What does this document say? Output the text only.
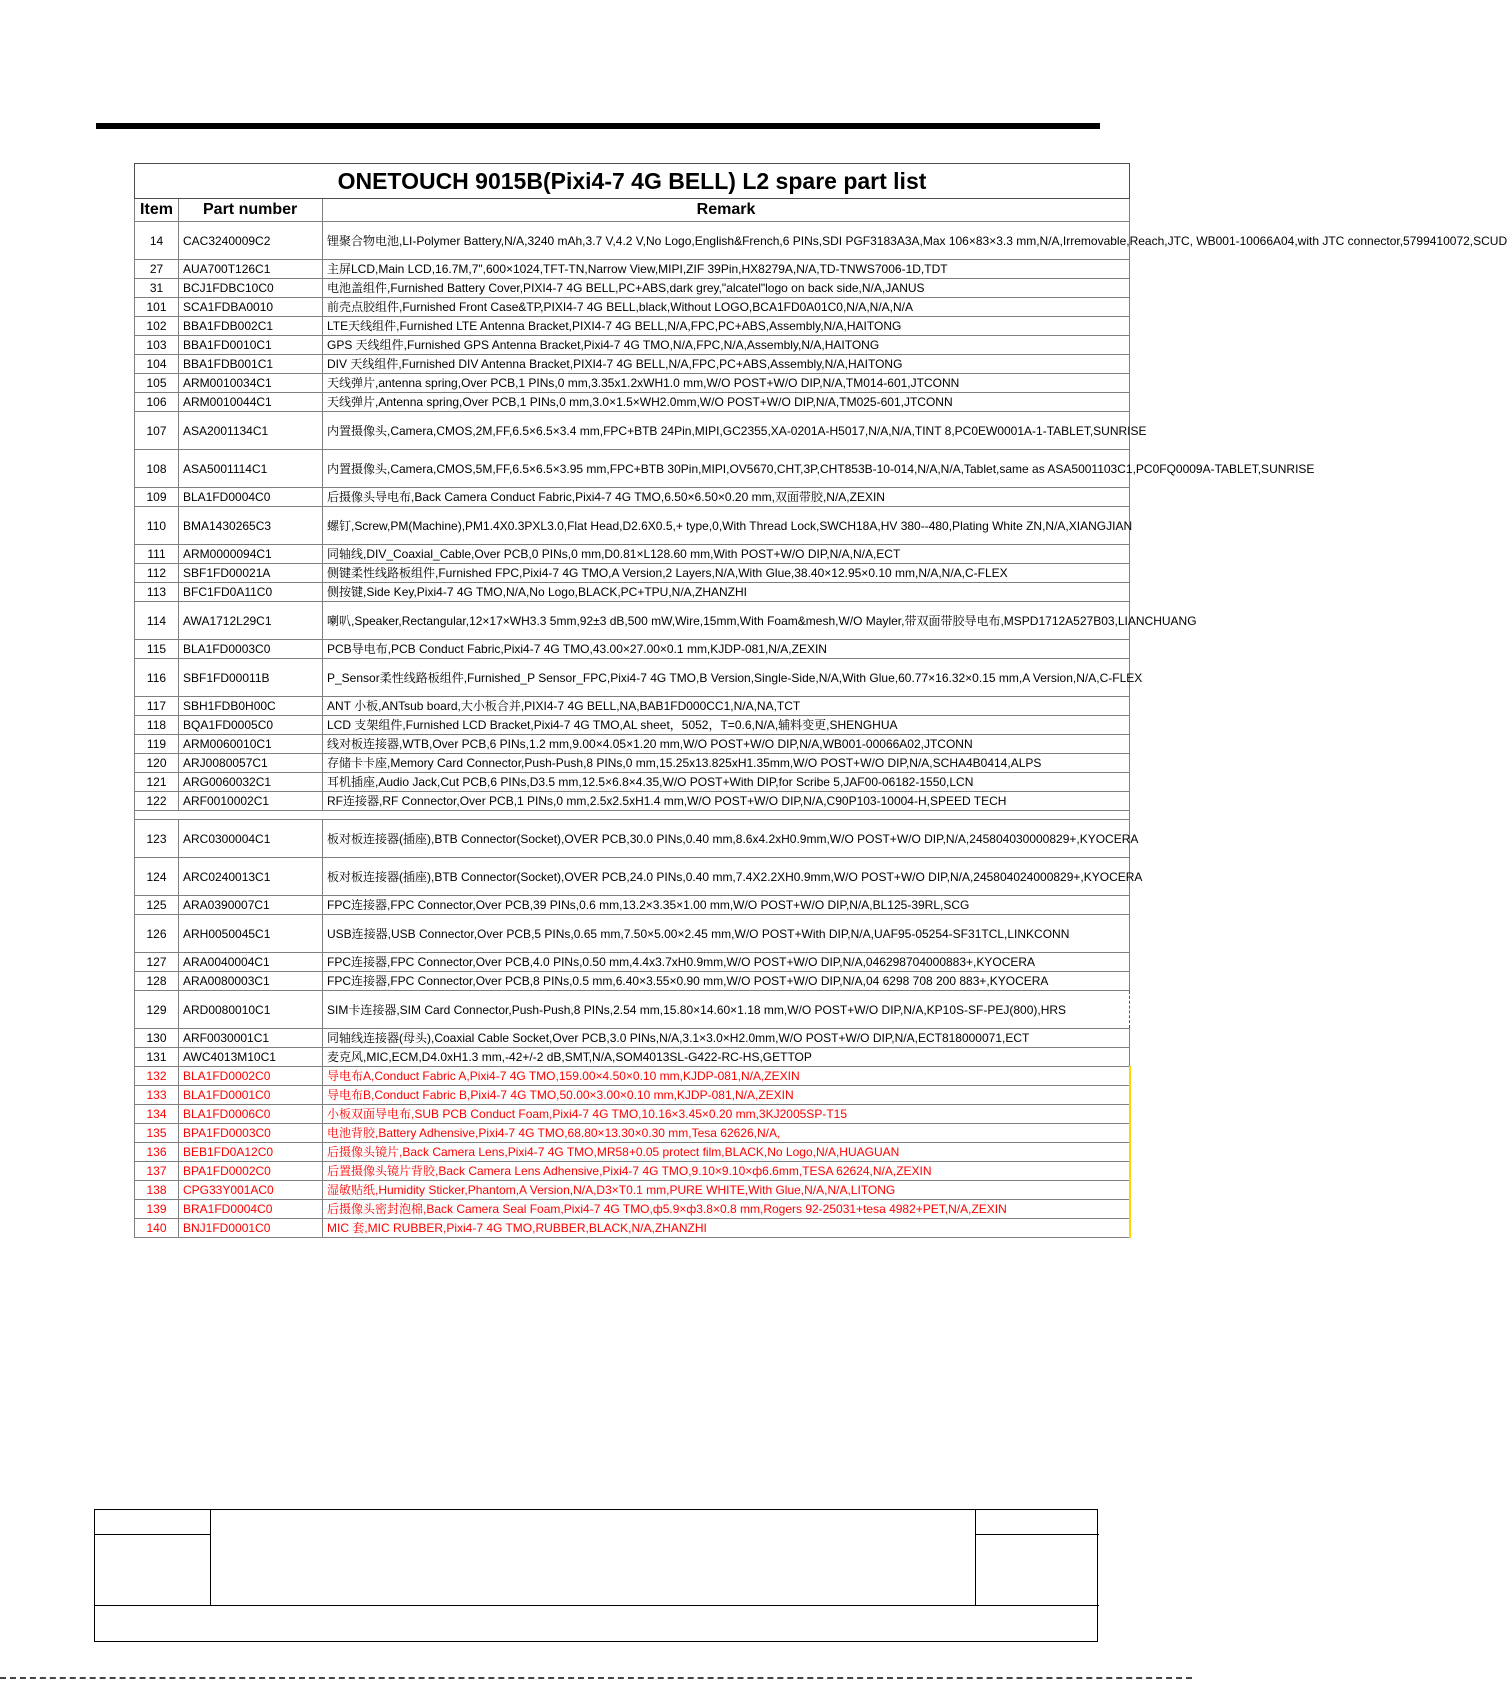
ONETOUCH 9015B(Pixi4-7 4G BELL) L2 spare part list		
Item	Part number	Remark
14	CAC3240009C2	锂聚合物电池,LI-Polymer Battery,N/A,3240 mAh,3.7 V,4.2 V,No Logo,English&French,6 PINs,SDI PGF3183A3A,Max 106×83×3.3 mm,N/A,Irremovable,Reach,JTC, WB001-10066A04,with JTC connector,5799410072,SCUD
27	AUA700T126C1	主屏LCD,Main LCD,16.7M,7",600×1024,TFT-TN,Narrow View,MIPI,ZIF 39Pin,HX8279A,N/A,TD-TNWS7006-1D,TDT
31	BCJ1FDBC10C0	电池盖组件,Furnished Battery Cover,PIXI4-7 4G BELL,PC+ABS,dark grey,"alcatel"logo on back side,N/A,JANUS
101	SCA1FDBA0010	前壳点胶组件,Furnished Front Case&TP,PIXI4-7 4G BELL,black,Without LOGO,BCA1FD0A01C0,N/A,N/A,N/A
102	BBA1FDB002C1	LTE天线组件,Furnished LTE Antenna Bracket,PIXI4-7 4G BELL,N/A,FPC,PC+ABS,Assembly,N/A,HAITONG
103	BBA1FD0010C1	GPS 天线组件,Furnished GPS Antenna Bracket,Pixi4-7 4G TMO,N/A,FPC,N/A,Assembly,N/A,HAITONG
104	BBA1FDB001C1	DIV 天线组件,Furnished DIV Antenna Bracket,PIXI4-7 4G BELL,N/A,FPC,PC+ABS,Assembly,N/A,HAITONG
105	ARM0010034C1	天线弹片,antenna spring,Over PCB,1 PINs,0 mm,3.35x1.2xWH1.0 mm,W/O POST+W/O DIP,N/A,TM014-601,JTCONN
106	ARM0010044C1	天线弹片,Antenna spring,Over PCB,1 PINs,0 mm,3.0×1.5×WH2.0mm,W/O POST+W/O DIP,N/A,TM025-601,JTCONN
107	ASA2001134C1	内置摄像头,Camera,CMOS,2M,FF,6.5×6.5×3.4 mm,FPC+BTB 24Pin,MIPI,GC2355,XA-0201A-H5017,N/A,N/A,TINT 8,PC0EW0001A-1-TABLET,SUNRISE
108	ASA5001114C1	内置摄像头,Camera,CMOS,5M,FF,6.5×6.5×3.95 mm,FPC+BTB 30Pin,MIPI,OV5670,CHT,3P,CHT853B-10-014,N/A,N/A,Tablet,same as ASA5001103C1,PC0FQ0009A-TABLET,SUNRISE
109	BLA1FD0004C0	后摄像头导电布,Back Camera Conduct Fabric,Pixi4-7 4G TMO,6.50×6.50×0.20 mm,双面带胶,N/A,ZEXIN
110	BMA1430265C3	螺钉,Screw,PM(Machine),PM1.4X0.3PXL3.0,Flat Head,D2.6X0.5,+ type,0,With Thread Lock,SWCH18A,HV 380--480,Plating White ZN,N/A,XIANGJIAN
111	ARM0000094C1	同轴线,DIV_Coaxial_Cable,Over PCB,0 PINs,0 mm,D0.81×L128.60 mm,With POST+W/O DIP,N/A,N/A,ECT
112	SBF1FD00021A	侧键柔性线路板组件,Furnished FPC,Pixi4-7 4G TMO,A Version,2 Layers,N/A,With Glue,38.40×12.95×0.10 mm,N/A,N/A,C-FLEX
113	BFC1FD0A11C0	侧按键,Side Key,Pixi4-7 4G TMO,N/A,No Logo,BLACK,PC+TPU,N/A,ZHANZHI
114	AWA1712L29C1	喇叭,Speaker,Rectangular,12×17×WH3.3 5mm,92±3 dB,500 mW,Wire,15mm,With Foam&mesh,W/O Mayler,带双面带胶导电布,MSPD1712A527B03,LIANCHUANG
115	BLA1FD0003C0	PCB导电布,PCB Conduct Fabric,Pixi4-7 4G TMO,43.00×27.00×0.1 mm,KJDP-081,N/A,ZEXIN
116	SBF1FD00011B	P_Sensor柔性线路板组件,Furnished_P Sensor_FPC,Pixi4-7 4G TMO,B Version,Single-Side,N/A,With Glue,60.77×16.32×0.15 mm,A Version,N/A,C-FLEX
117	SBH1FDB0H00C	ANT 小板,ANTsub board,大小板合并,PIXI4-7 4G BELL,NA,BAB1FD000CC1,N/A,NA,TCT
118	BQA1FD0005C0	LCD 支架组件,Furnished LCD Bracket,Pixi4-7 4G TMO,AL sheet，5052，T=0.6,N/A,辅料变更,SHENGHUA
119	ARM0060010C1	线对板连接器,WTB,Over PCB,6 PINs,1.2 mm,9.00×4.05×1.20 mm,W/O POST+W/O DIP,N/A,WB001-00066A02,JTCONN
120	ARJ0080057C1	存储卡卡座,Memory Card Connector,Push-Push,8 PINs,0 mm,15.25x13.825xH1.35mm,W/O POST+W/O DIP,N/A,SCHA4B0414,ALPS
121	ARG0060032C1	耳机插座,Audio Jack,Cut PCB,6 PINs,D3.5 mm,12.5×6.8×4.35,W/O POST+With DIP,for Scribe 5,JAF00-06182-1550,LCN
122	ARF0010002C1	RF连接器,RF Connector,Over PCB,1 PINs,0 mm,2.5x2.5xH1.4 mm,W/O POST+W/O DIP,N/A,C90P103-10004-H,SPEED TECH

123	ARC0300004C1	板对板连接器(插座),BTB Connector(Socket),OVER PCB,30.0 PINs,0.40 mm,8.6x4.2xH0.9mm,W/O POST+W/O DIP,N/A,245804030000829+,KYOCERA
124	ARC0240013C1	板对板连接器(插座),BTB Connector(Socket),OVER PCB,24.0 PINs,0.40 mm,7.4X2.2XH0.9mm,W/O POST+W/O DIP,N/A,245804024000829+,KYOCERA
125	ARA0390007C1	FPC连接器,FPC Connector,Over PCB,39 PINs,0.6 mm,13.2×3.35×1.00 mm,W/O POST+W/O DIP,N/A,BL125-39RL,SCG
126	ARH0050045C1	USB连接器,USB Connector,Over PCB,5 PINs,0.65 mm,7.50×5.00×2.45 mm,W/O POST+With DIP,N/A,UAF95-05254-SF31TCL,LINKCONN
127	ARA0040004C1	FPC连接器,FPC Connector,Over PCB,4.0 PINs,0.50 mm,4.4x3.7xH0.9mm,W/O POST+W/O DIP,N/A,046298704000883+,KYOCERA
128	ARA0080003C1	FPC连接器,FPC Connector,Over PCB,8 PINs,0.5 mm,6.40×3.55×0.90 mm,W/O POST+W/O DIP,N/A,04 6298 708 200 883+,KYOCERA
129	ARD0080010C1	SIM卡连接器,SIM Card Connector,Push-Push,8 PINs,2.54 mm,15.80×14.60×1.18 mm,W/O POST+W/O DIP,N/A,KP10S-SF-PEJ(800),HRS
130	ARF0030001C1	同轴线连接器(母头),Coaxial Cable Socket,Over PCB,3.0 PINs,N/A,3.1×3.0×H2.0mm,W/O POST+W/O DIP,N/A,ECT818000071,ECT
131	AWC4013M10C1	麦克风,MIC,ECM,D4.0xH1.3 mm,-42+/-2 dB,SMT,N/A,SOM4013SL-G422-RC-HS,GETTOP
132	BLA1FD0002C0	导电布A,Conduct Fabric A,Pixi4-7 4G TMO,159.00×4.50×0.10 mm,KJDP-081,N/A,ZEXIN
133	BLA1FD0001C0	导电布B,Conduct Fabric B,Pixi4-7 4G TMO,50.00×3.00×0.10 mm,KJDP-081,N/A,ZEXIN
134	BLA1FD0006C0	小板双面导电布,SUB PCB Conduct Foam,Pixi4-7 4G TMO,10.16×3.45×0.20 mm,3KJ2005SP-T15
135	BPA1FD0003C0	电池背胶,Battery Adhensive,Pixi4-7 4G TMO,68.80×13.30×0.30 mm,Tesa 62626,N/A,
136	BEB1FD0A12C0	后摄像头镜片,Back Camera Lens,Pixi4-7 4G TMO,MR58+0.05 protect film,BLACK,No Logo,N/A,HUAGUAN
137	BPA1FD0002C0	后置摄像头镜片背胶,Back Camera Lens Adhensive,Pixi4-7 4G TMO,9.10×9.10×ф6.6mm,TESA 62624,N/A,ZEXIN
138	CPG33Y001AC0	湿敏贴纸,Humidity Sticker,Phantom,A Version,N/A,D3×T0.1 mm,PURE WHITE,With Glue,N/A,N/A,LITONG
139	BRA1FD0004C0	后摄像头密封泡棉,Back Camera Seal Foam,Pixi4-7 4G TMO,ф5.9×ф3.8×0.8 mm,Rogers 92-25031+tesa 4982+PET,N/A,ZEXIN
140	BNJ1FD0001C0	MIC 套,MIC RUBBER,Pixi4-7 4G TMO,RUBBER,BLACK,N/A,ZHANZHI
